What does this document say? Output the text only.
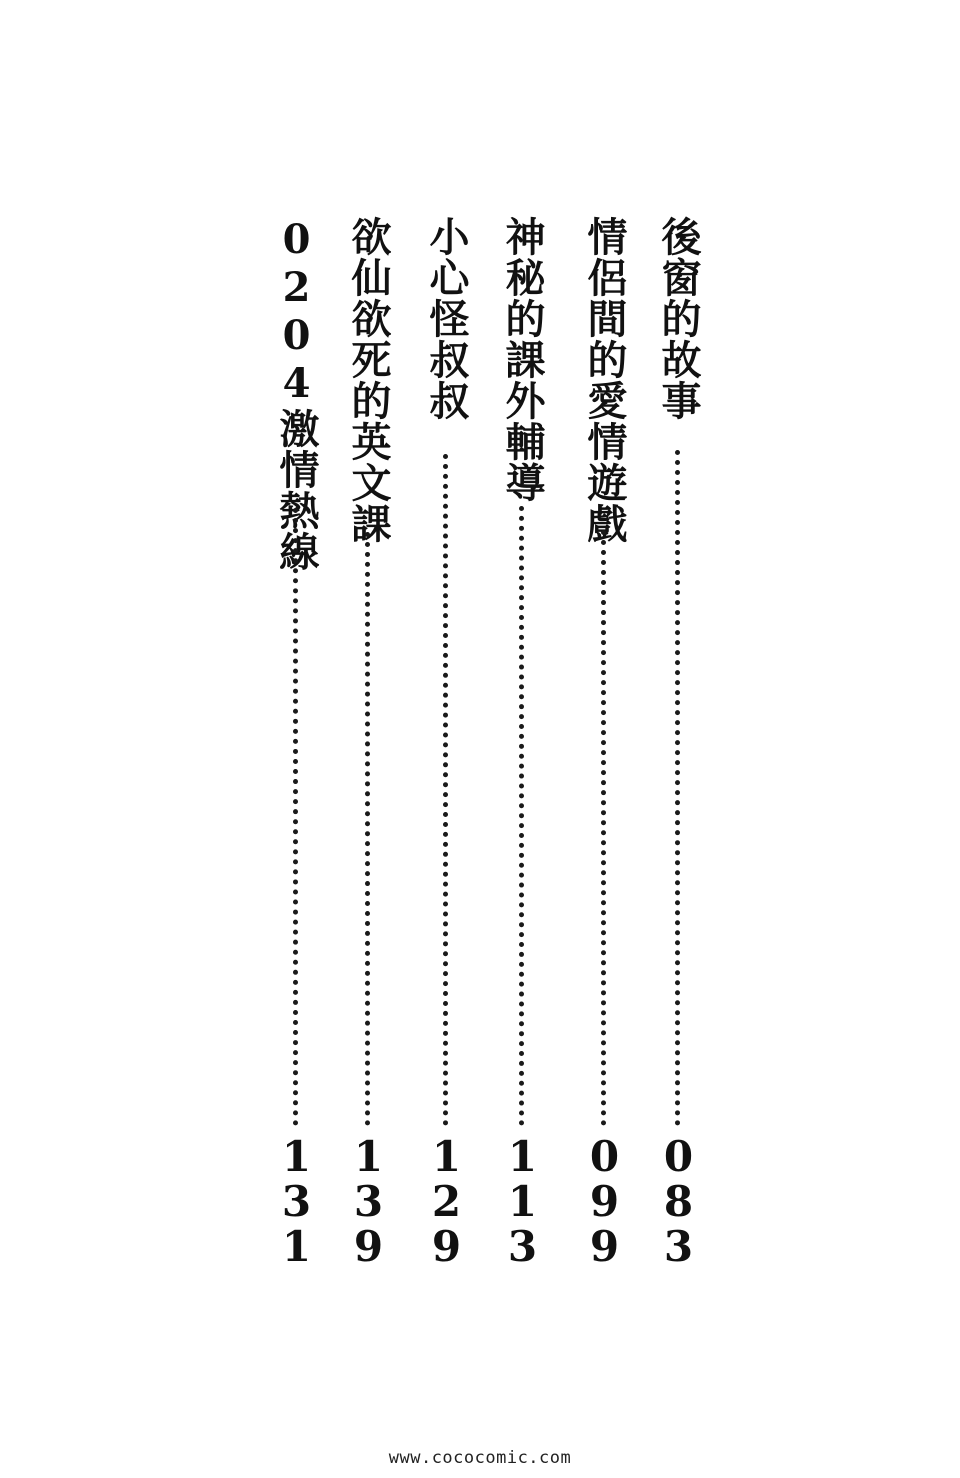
後窗的故事
083
情侶間的愛情遊戲
099
神秘的課外輔導
113
小心怪叔叔
129
欲仙欲死的英文課
139
0204激情熱線
131
www.cococomic.com
